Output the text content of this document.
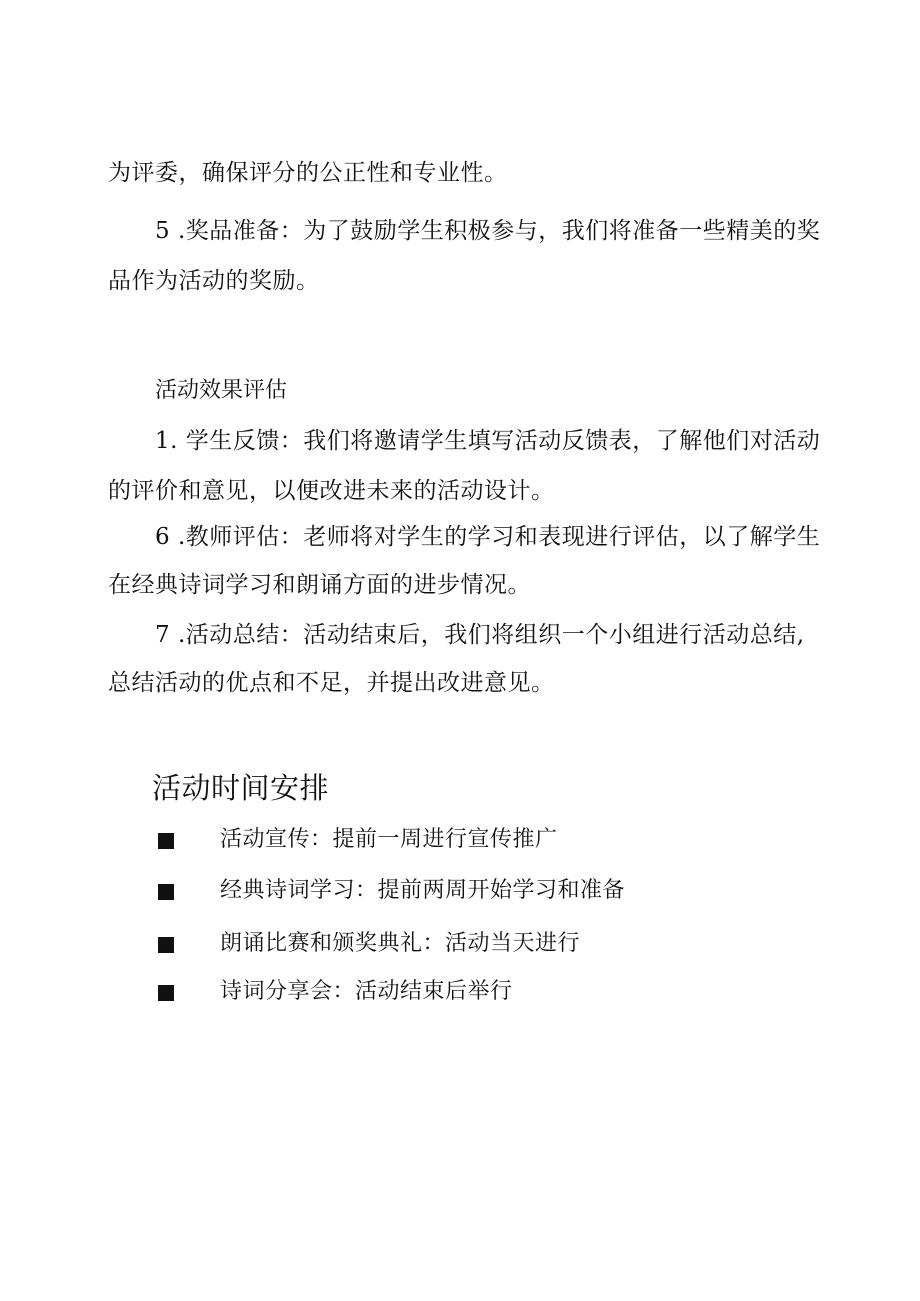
为评委，确保评分的公正性和专业性。
5 .奖品准备：为了鼓励学生积极参与，我们将准备一些精美的奖
品作为活动的奖励。
活动效果评估
1. 学生反馈：我们将邀请学生填写活动反馈表，了解他们对活动
的评价和意见，以便改进未来的活动设计。
6 .教师评估：老师将对学生的学习和表现进行评估，以了解学生
在经典诗词学习和朗诵方面的进步情况。
7 .活动总结：活动结束后，我们将组织一个小组进行活动总结,
总结活动的优点和不足，并提出改进意见。
活动时间安排
活动宣传：提前一周进行宣传推广
经典诗词学习：提前两周开始学习和准备
朗诵比赛和颁奖典礼：活动当天进行
诗词分享会：活动结束后举行
